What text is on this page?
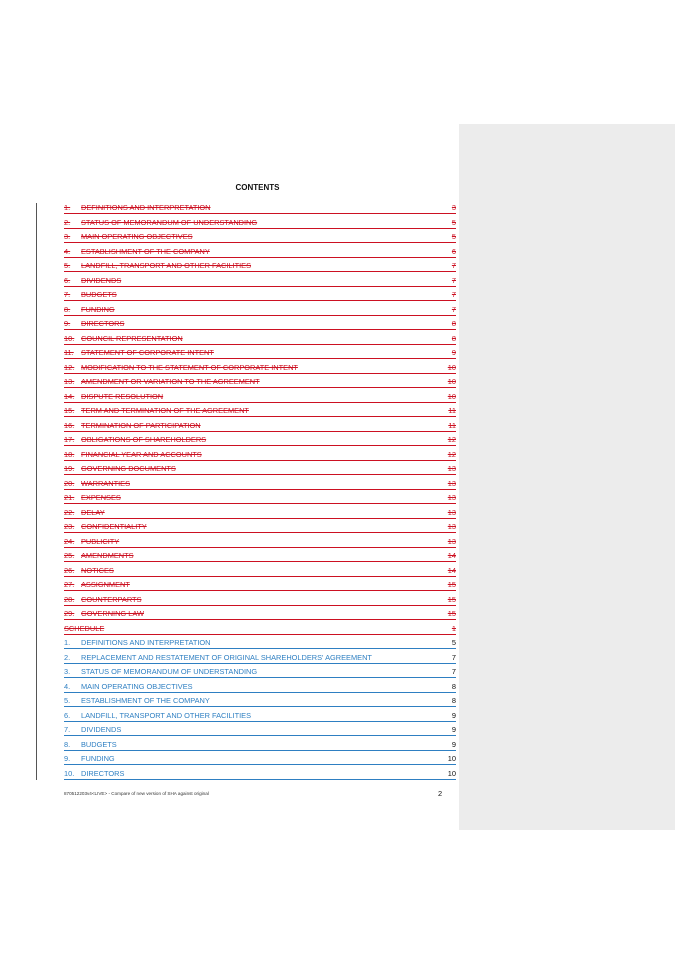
CONTENTS
1. DEFINITIONS AND INTERPRETATION	3
2. STATUS OF MEMORANDUM OF UNDERSTANDING	5
3. MAIN OPERATING OBJECTIVES	5
4. ESTABLISHMENT OF THE COMPANY	6
5. LANDFILL, TRANSPORT AND OTHER FACILITIES	7
6. DIVIDENDS	7
7. BUDGETS	7
8. FUNDING	7
9. DIRECTORS	8
10. COUNCIL REPRESENTATION	8
11. STATEMENT OF CORPORATE INTENT	9
12. MODIFICATION TO THE STATEMENT OF CORPORATE INTENT	10
13. AMENDMENT OR VARIATION TO THE AGREEMENT	10
14. DISPUTE RESOLUTION	10
15. TERM AND TERMINATION OF THE AGREEMENT	11
16. TERMINATION OF PARTICIPATION	11
17. OBLIGATIONS OF SHAREHOLDERS	12
18. FINANCIAL YEAR AND ACCOUNTS	12
19. GOVERNING DOCUMENTS	13
20. WARRANTIES	13
21. EXPENSES	13
22. DELAY	13
23. CONFIDENTIALITY	13
24. PUBLICITY	13
25. AMENDMENTS	14
26. NOTICES	14
27. ASSIGNMENT	15
28. COUNTERPARTS	15
29. GOVERNING LAW	15
SCHEDULE	1
1. DEFINITIONS AND INTERPRETATION	5
2. REPLACEMENT AND RESTATEMENT OF ORIGINAL SHAREHOLDERS' AGREEMENT	7
3. STATUS OF MEMORANDUM OF UNDERSTANDING	7
4. MAIN OPERATING OBJECTIVES	8
5. ESTABLISHMENT OF THE COMPANY	8
6. LANDFILL, TRANSPORT AND OTHER FACILITIES	9
7. DIVIDENDS	9
8. BUDGETS	9
9. FUNDING	10
10. DIRECTORS	10
870512203v4<LIVE> - Compare of new version of SHA against original	2
